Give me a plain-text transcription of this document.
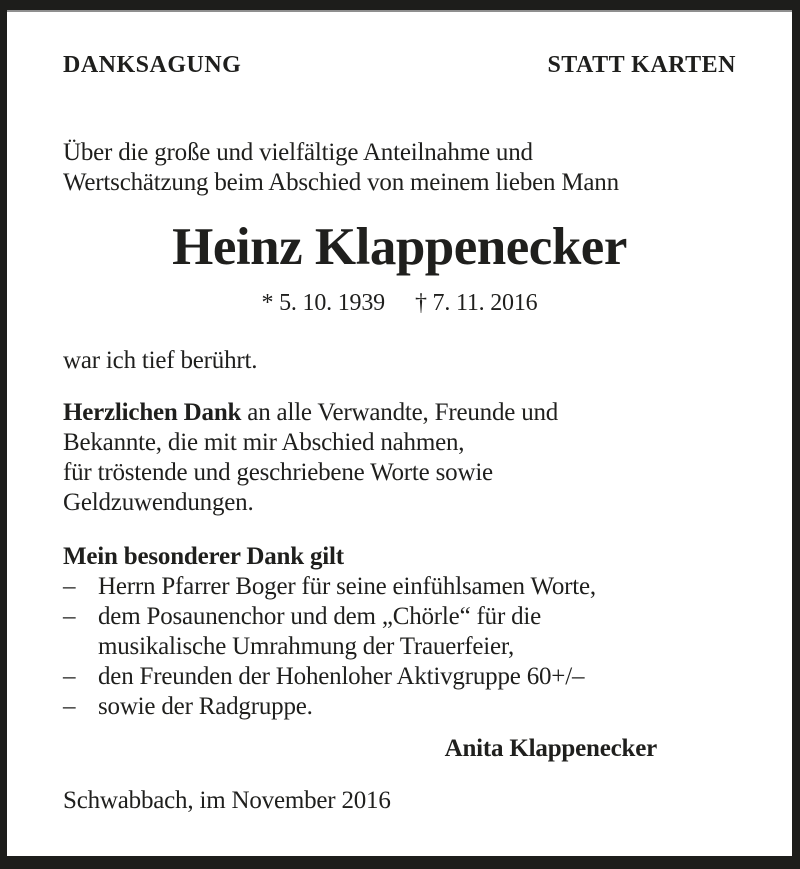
DANKSAGUNG	STATT KARTEN
Über die große und vielfältige Anteilnahme und
Wertschätzung beim Abschied von meinem lieben Mann
Heinz Klappenecker
* 5. 10. 1939 † 7. 11. 2016
war ich tief berührt.
Herzlichen Dank an alle Verwandte, Freunde und
Bekannte, die mit mir Abschied nahmen,
für tröstende und geschriebene Worte sowie
Geldzuwendungen.
Mein besonderer Dank gilt
– Herrn Pfarrer Boger für seine einfühlsamen Worte,
– dem Posaunenchor und dem „Chörle“ für die
musikalische Umrahmung der Trauerfeier,
– den Freunden der Hohenloher Aktivgruppe 60+/–
– sowie der Radgruppe.
Anita Klappenecker
Schwabbach, im November 2016
